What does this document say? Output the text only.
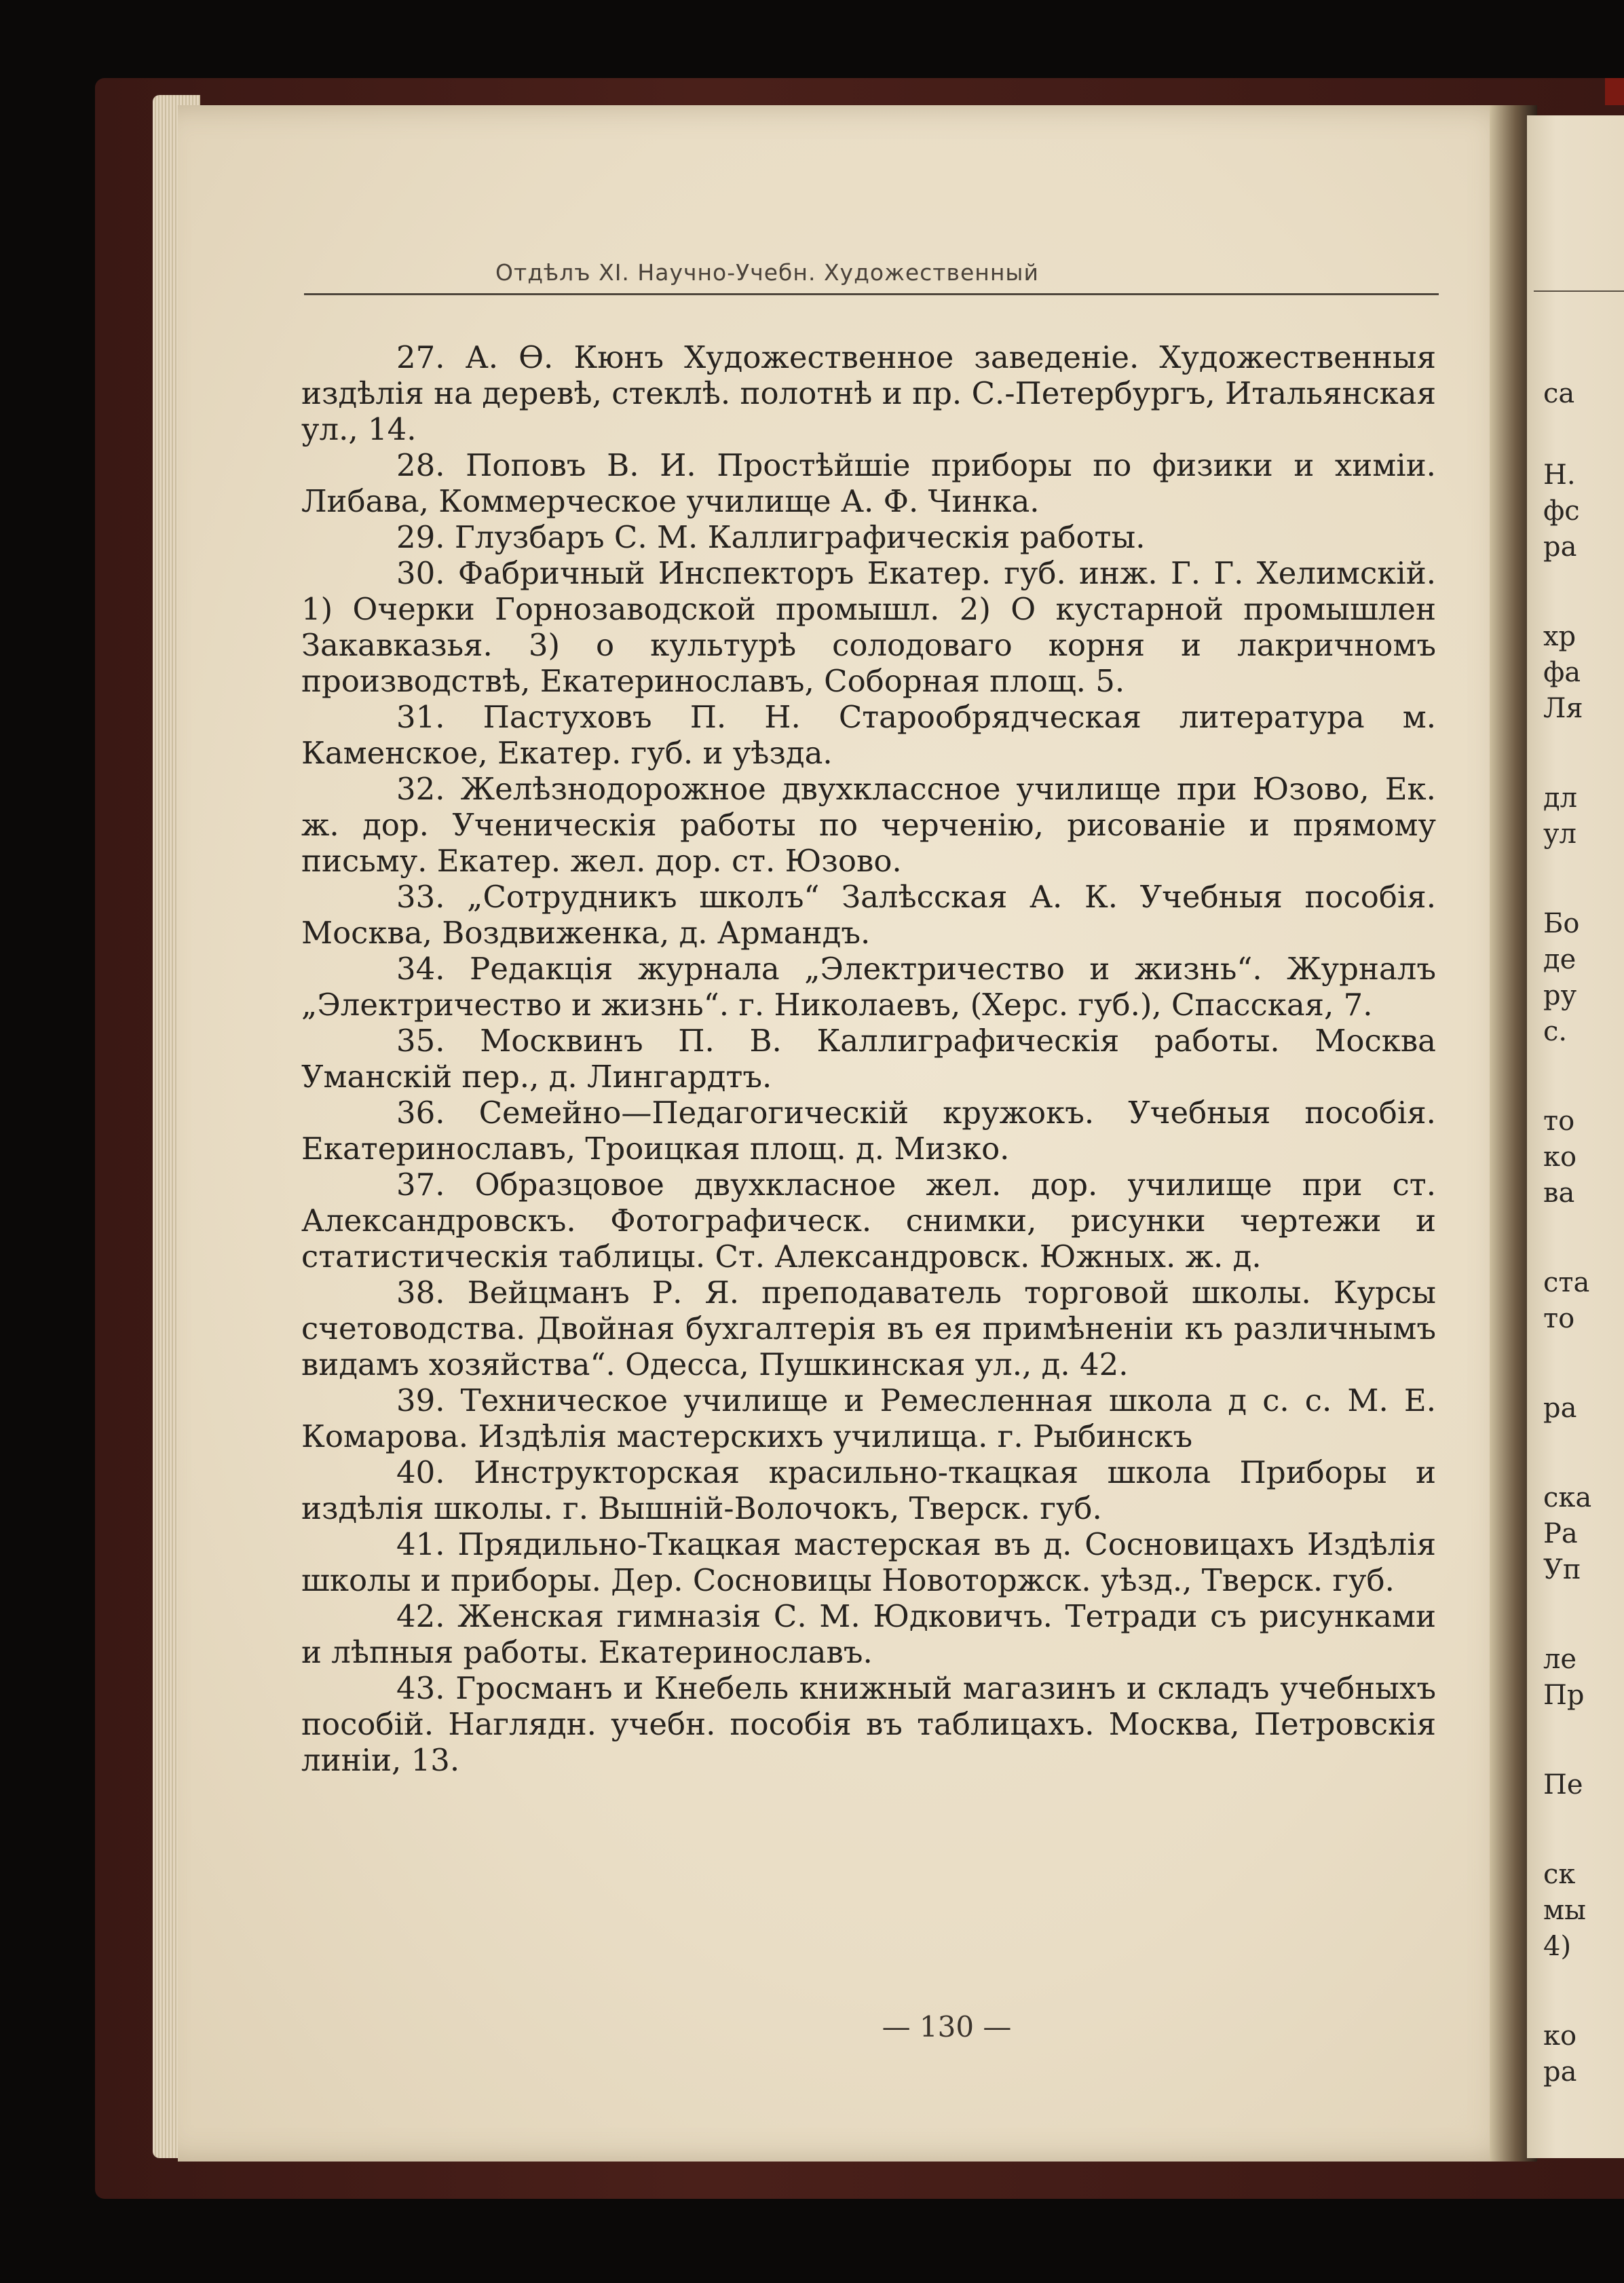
Отдѣлъ XI. Научно-Учебн. Художественный

27. А. Ѳ. Кюнъ Художественное заведеніе. Художественныя издѣлія на деревѣ, стеклѣ. полотнѣ и пр. С.-Петербургъ, Итальянская ул., 14.

28. Поповъ В. И. Простѣйшіе приборы по физики и химіи. Либава, Коммерческое училище А. Ф. Чинка.

29. Глузбаръ С. М. Каллиграфическія работы.

30. Фабричный Инспекторъ Екатер. губ. инж. Г. Г. Хелимскій. 1) Очерки Горнозаводской промышл. 2) О кустарной промышлен Закавказья. 3) о культурѣ солодоваго корня и лакричномъ производствѣ, Екатеринославъ, Соборная площ. 5.

31. Пастуховъ П. Н. Старообрядческая литература м. Каменское, Екатер. губ. и уѣзда.

32. Желѣзнодорожное двухклассное училище при Юзово, Ек. ж. дор. Ученическія работы по черченію, рисованіе и прямому письму. Екатер. жел. дор. ст. Юзово.

33. „Сотрудникъ школъ“ Залѣсская А. К. Учебныя пособія. Москва, Воздвиженка, д. Армандъ.

34. Редакція журнала „Электричество и жизнь“. Журналъ „Электричество и жизнь“. г. Николаевъ, (Херс. губ.), Спасская, 7.

35. Москвинъ П. В. Каллиграфическія работы. Москва Уманскій пер., д. Лингардтъ.

36. Семейно—Педагогическій кружокъ. Учебныя пособія. Екатеринославъ, Троицкая площ. д. Мизко.

37. Образцовое двухкласное жел. дор. училище при ст. Александровскъ. Фотографическ. снимки, рисунки чертежи и статистическія таблицы. Ст. Александровск. Южных. ж. д.

38. Вейцманъ Р. Я. преподаватель торговой школы. Курсы счетоводства. Двойная бухгалтерія въ ея примѣненіи къ различнымъ видамъ хозяйства“. Одесса, Пушкинская ул., д. 42.

39. Техническое училище и Ремесленная школа д с. с. М. Е. Комарова. Издѣлія мастерскихъ училища. г. Рыбинскъ

40. Инструкторская красильно-ткацкая школа Приборы и издѣлія школы. г. Вышній-Волочокъ, Тверск. губ.

41. Прядильно-Ткацкая мастерская въ д. Сосновицахъ Издѣлія школы и приборы. Дер. Сосновицы Новоторжск. уѣзд., Тверск. губ.

42. Женская гимназія С. М. Юдковичъ. Тетради съ рисунками и лѣпныя работы. Екатеринославъ.

43. Гросманъ и Кнебель книжный магазинъ и складъ учебныхъ пособій. Наглядн. учебн. пособія въ таблицахъ. Москва, Петровскія линіи, 13.

— 130 —
са
Н.
фс
ра
хр
фа
Ля
дл
ул
Бо
де
ру
с.
то
ко
ва
ста
то
ра
ска
Ра
Уп
ле
Пр
Пе
ск
мы
4)
ко
ра
